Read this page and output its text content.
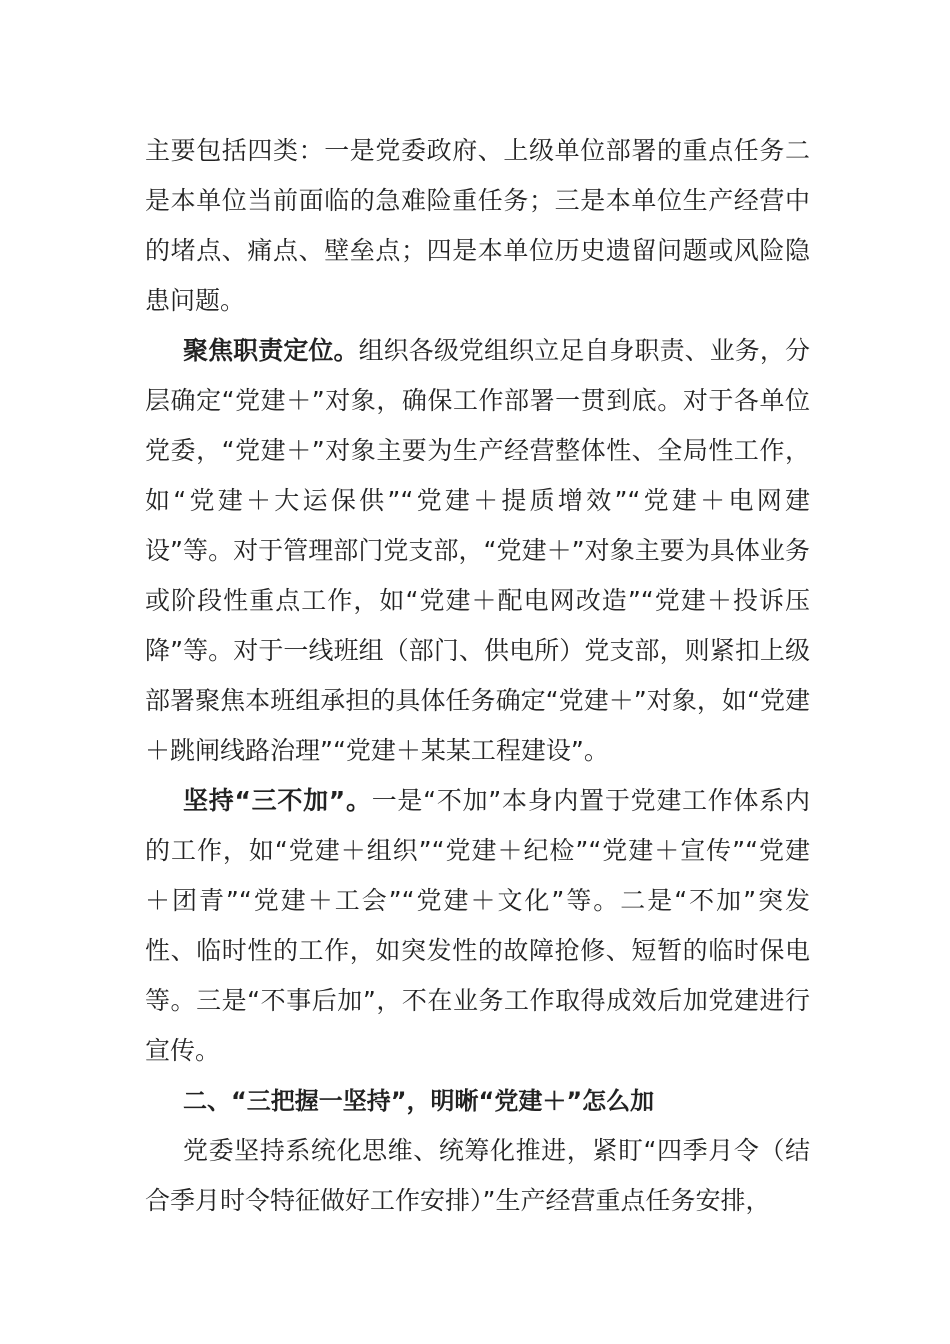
主要包括四类：一是党委政府、上级单位部署的重点任务二是本单位当前面临的急难险重任务；三是本单位生产经营中的堵点、痛点、壁垒点；四是本单位历史遗留问题或风险隐患问题。

聚焦职责定位。组织各级党组织立足自身职责、业务，分层确定“党建＋”对象，确保工作部署一贯到底。对于各单位党委，“党建＋”对象主要为生产经营整体性、全局性工作，如“党建＋大运保供”“党建＋提质增效”“党建＋电网建设”等。对于管理部门党支部，“党建＋”对象主要为具体业务或阶段性重点工作，如“党建＋配电网改造”“党建＋投诉压降”等。对于一线班组（部门、供电所）党支部，则紧扣上级部署聚焦本班组承担的具体任务确定“党建＋”对象，如“党建＋跳闸线路治理”“党建＋某某工程建设”。

坚持“三不加”。一是“不加”本身内置于党建工作体系内的工作，如“党建＋组织”“党建＋纪检”“党建＋宣传”“党建＋团青”“党建＋工会”“党建＋文化”等。二是“不加”突发性、临时性的工作，如突发性的故障抢修、短暂的临时保电等。三是“不事后加”，不在业务工作取得成效后加党建进行宣传。

二、“三把握一坚持”，明晰“党建＋”怎么加

党委坚持系统化思维、统筹化推进，紧盯“四季月令（结合季月时令特征做好工作安排）”生产经营重点任务安排，
